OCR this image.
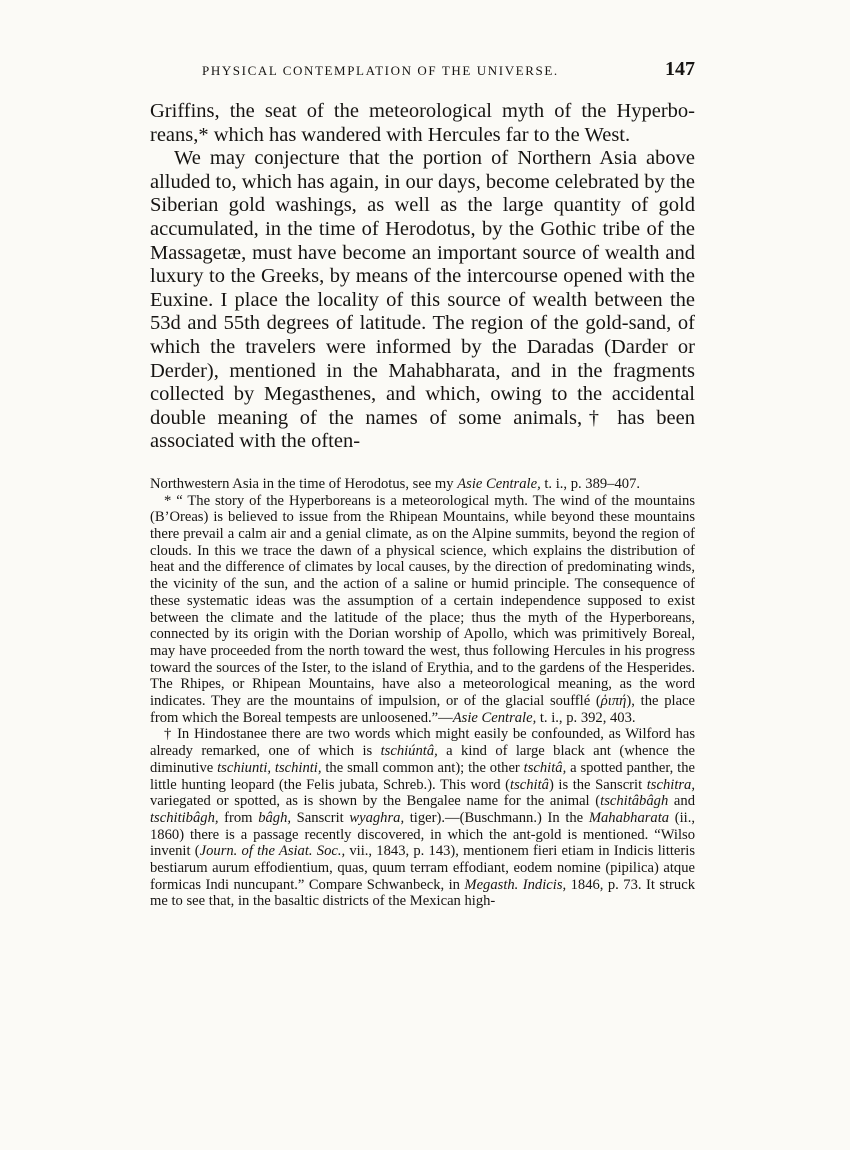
PHYSICAL CONTEMPLATION OF THE UNIVERSE.	147

Griffins, the seat of the meteorological myth of the Hyperboreans,* which has wandered with Hercules far to the West.

We may conjecture that the portion of Northern Asia above alluded to, which has again, in our days, become celebrated by the Siberian gold washings, as well as the large quantity of gold accumulated, in the time of Herodotus, by the Gothic tribe of the Massagetæ, must have become an important source of wealth and luxury to the Greeks, by means of the intercourse opened with the Euxine. I place the locality of this source of wealth between the 53d and 55th degrees of latitude. The region of the gold-sand, of which the travelers were informed by the Daradas (Darder or Derder), mentioned in the Mahabharata, and in the fragments collected by Megasthenes, and which, owing to the accidental double meaning of the names of some animals,† has been associated with the often-

Northwestern Asia in the time of Herodotus, see my Asie Centrale, t. i., p. 389–407.

* “ The story of the Hyperboreans is a meteorological myth. The wind of the mountains (B’Oreas) is believed to issue from the Rhipean Mountains, while beyond these mountains there prevail a calm air and a genial climate, as on the Alpine summits, beyond the region of clouds. In this we trace the dawn of a physical science, which explains the distribution of heat and the difference of climates by local causes, by the direction of predominating winds, the vicinity of the sun, and the action of a saline or humid principle. The consequence of these systematic ideas was the assumption of a certain independence supposed to exist between the climate and the latitude of the place; thus the myth of the Hyperboreans, connected by its origin with the Dorian worship of Apollo, which was primitively Boreal, may have proceeded from the north toward the west, thus following Hercules in his progress toward the sources of the Ister, to the island of Erythia, and to the gardens of the Hesperides. The Rhipes, or Rhipean Mountains, have also a meteorological meaning, as the word indicates. They are the mountains of impulsion, or of the glacial soufflé (ῥιπή), the place from which the Boreal tempests are unloosened.”—Asie Centrale, t. i., p. 392, 403.

† In Hindostanee there are two words which might easily be confounded, as Wilford has already remarked, one of which is tschiúntâ, a kind of large black ant (whence the diminutive tschiunti, tschinti, the small common ant); the other tschitâ, a spotted panther, the little hunting leopard (the Felis jubata, Schreb.). This word (tschitâ) is the Sanscrit tschitra, variegated or spotted, as is shown by the Bengalee name for the animal (tschitâbâgh and tschitibâgh, from bâgh, Sanscrit wyaghra, tiger).—(Buschmann.) In the Mahabharata (ii., 1860) there is a passage recently discovered, in which the ant-gold is mentioned. “Wilso invenit (Journ. of the Asiat. Soc., vii., 1843, p. 143), mentionem fieri etiam in Indicis litteris bestiarum aurum effodientium, quas, quum terram effodiant, eodem nomine (pipilica) atque formicas Indi nuncupant.” Compare Schwanbeck, in Megasth. Indicis, 1846, p. 73. It struck me to see that, in the basaltic districts of the Mexican high-
